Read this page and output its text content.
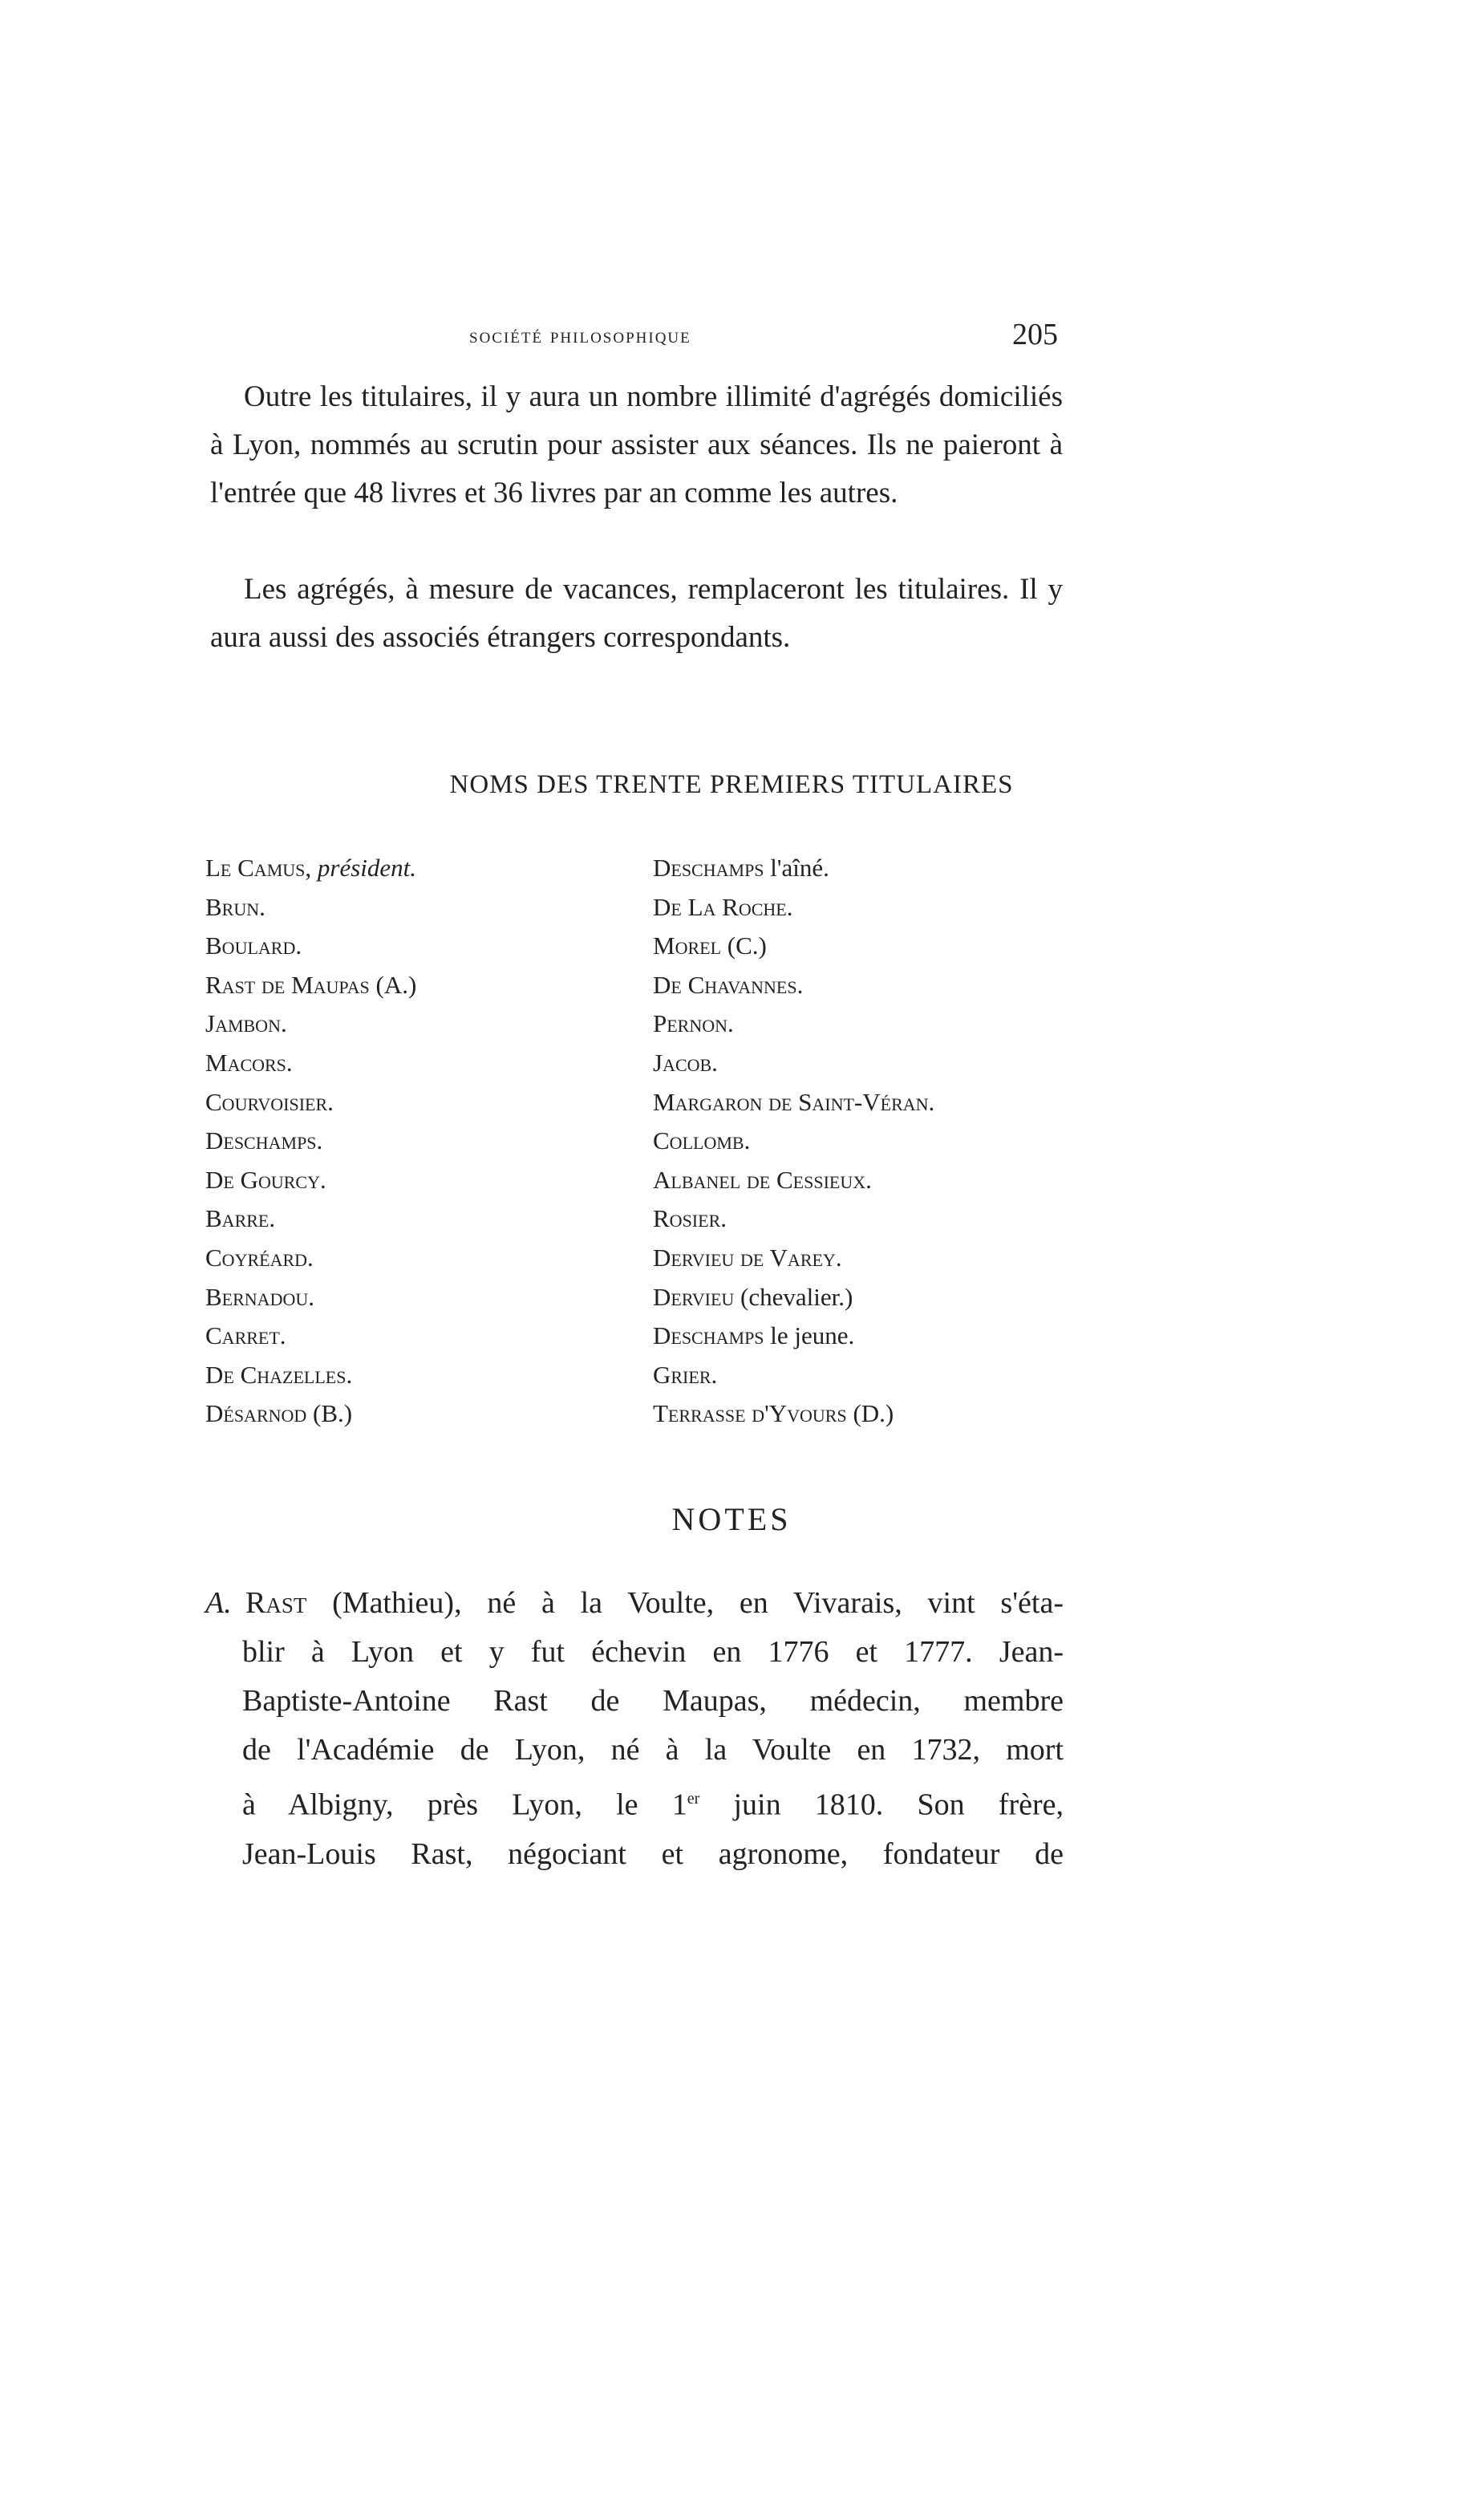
société philosophique	205

Outre les titulaires, il y aura un nombre illimité d'agrégés domiciliés à Lyon, nommés au scrutin pour assister aux séances. Ils ne paieront à l'entrée que 48 livres et 36 livres par an comme les autres.

Les agrégés, à mesure de vacances, remplaceront les titulaires. Il y aura aussi des associés étrangers correspondants.

NOMS DES TRENTE PREMIERS TITULAIRES
Le Camus, président.
Brun.
Boulard.
Rast de Maupas (A.)
Jambon.
Macors.
Courvoisier.
Deschamps.
De Gourcy.
Barre.
Coyréard.
Bernadou.
Carret.
De Chazelles.
Désarnod (B.)
Deschamps l'aîné.
De La Roche.
Morel (C.)
De Chavannes.
Pernon.
Jacob.
Margaron de Saint-Véran.
Collomb.
Albanel de Cessieux.
Rosier.
Dervieu de Varey.
Dervieu (chevalier.)
Deschamps le jeune.
Grier.
Terrasse d'Yvours (D.)
NOTES
A. Rast (Mathieu), né à la Voulte, en Vivarais, vint s'éta-
blir à Lyon et y fut échevin en 1776 et 1777. Jean-
Baptiste-Antoine Rast de Maupas, médecin, membre
de l'Académie de Lyon, né à la Voulte en 1732, mort
à Albigny, près Lyon, le 1er juin 1810. Son frère,
Jean-Louis Rast, négociant et agronome, fondateur de
